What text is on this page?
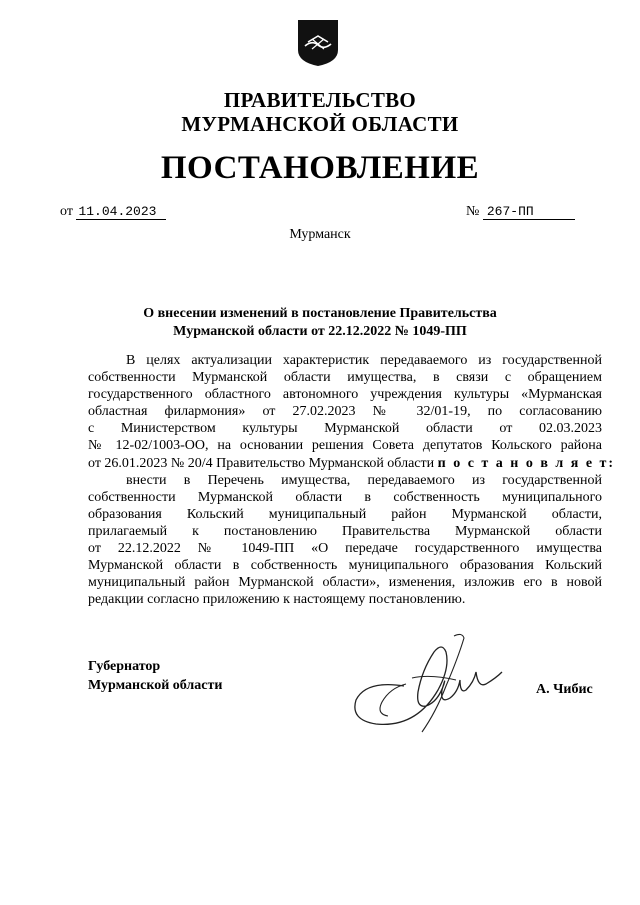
ПРАВИТЕЛЬСТВО
МУРМАНСКОЙ ОБЛАСТИ
ПОСТАНОВЛЕНИЕ
от 11.04.2023	№ 267-ПП
Мурманск
О внесении изменений в постановление Правительства
Мурманской области от 22.12.2022 № 1049-ПП
В целях актуализации характеристик передаваемого из государственной
собственности Мурманской области имущества, в связи с обращением
государственного областного автономного учреждения культуры «Мурманская
областная филармония» от 27.02.2023 № 32/01-19, по согласованию
с Министерством культуры Мурманской области от 02.03.2023
№ 12-02/1003-ОО, на основании решения Совета депутатов Кольского района
от 26.01.2023 № 20/4 Правительство Мурманской области п о с т а н о в л я е т:
внести в Перечень имущества, передаваемого из государственной
собственности Мурманской области в собственность муниципального
образования Кольский муниципальный район Мурманской области,
прилагаемый к постановлению Правительства Мурманской области
от 22.12.2022 № 1049-ПП «О передаче государственного имущества
Мурманской области в собственность муниципального образования Кольский
муниципальный район Мурманской области», изменения, изложив его в новой
редакции согласно приложению к настоящему постановлению.
Губернатор
Мурманской области	А. Чибис
